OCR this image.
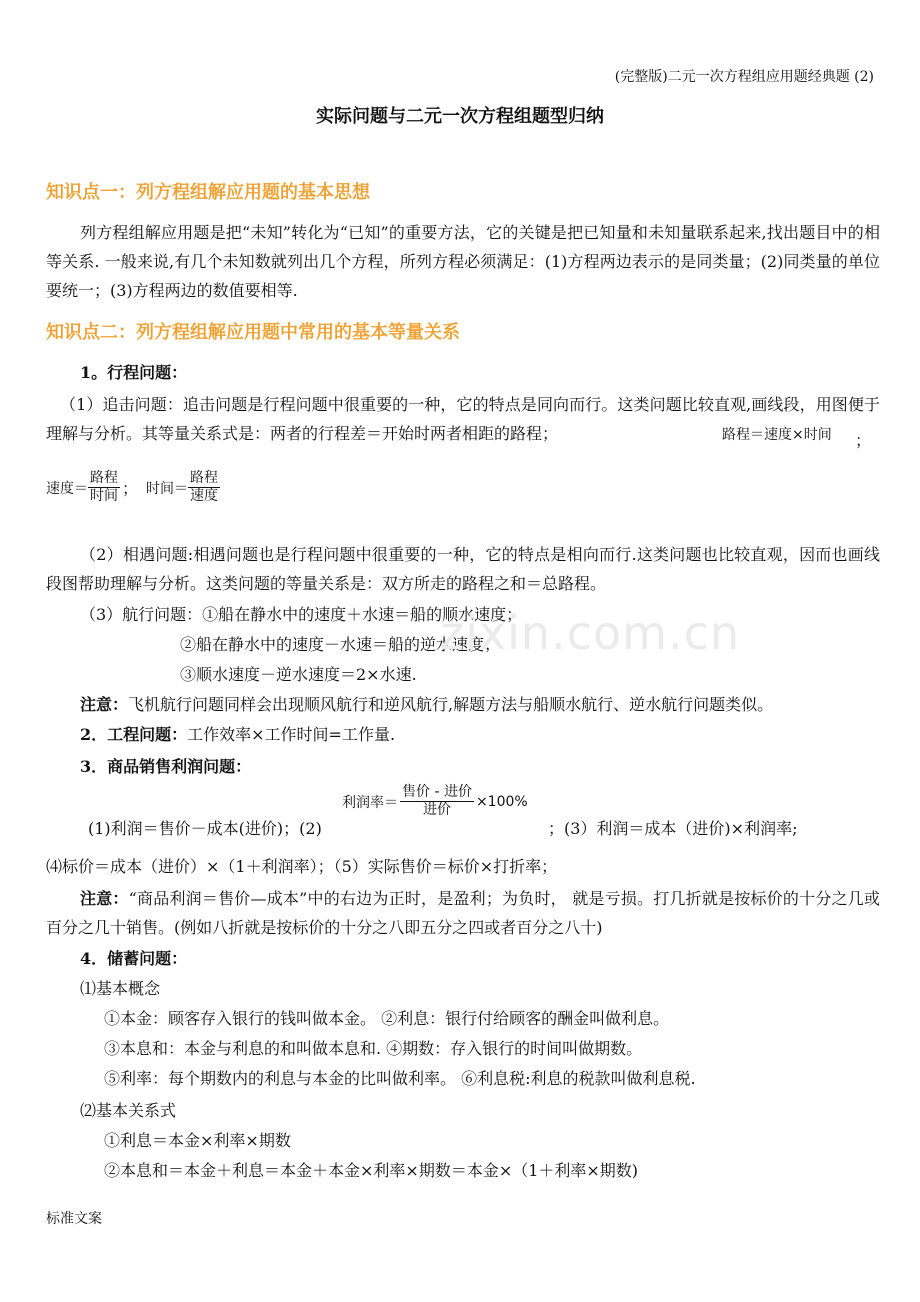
(完整版)二元一次方程组应用题经典题 (2)
实际问题与二元一次方程组题型归纳
知识点一：列方程组解应用题的基本思想
列方程组解应用题是把“未知”转化为“已知”的重要方法，它的关键是把已知量和未知量联系起来,找出题目中的相等关系. 一般来说,有几个未知数就列出几个方程，所列方程必须满足：(1)方程两边表示的是同类量；(2)同类量的单位要统一；(3)方程两边的数值要相等.
知识点二：列方程组解应用题中常用的基本等量关系
1。行程问题：
（1）追击问题：追击问题是行程问题中很重要的一种，它的特点是同向而行。这类问题比较直观,画线段，用图便于理解与分析。其等量关系式是：两者的行程差＝开始时两者相距的路程；	路程＝速度×时间 ；
速度＝ $\frac{\text{路程}}{\text{时间}}$ ； 时间＝ $\frac{\text{路程}}{\text{速度}}$
（2）相遇问题:相遇问题也是行程问题中很重要的一种，它的特点是相向而行.这类问题也比较直观，因而也画线段图帮助理解与分析。这类问题的等量关系是：双方所走的路程之和＝总路程。
（3）航行问题：①船在静水中的速度＋水速＝船的顺水速度；
②船在静水中的速度－水速＝船的逆水速度；
③顺水速度－逆水速度＝2×水速.
注意：飞机航行问题同样会出现顺风航行和逆风航行,解题方法与船顺水航行、逆水航行问题类似。
2．工程问题：工作效率×工作时间=工作量.
3．商品销售利润问题：
利润率＝ $\frac{\text{售价 - 进价}}{\text{进价}} \times 100\%$
(1)利润＝售价－成本(进价)；(2)	；(3）利润＝成本（进价)×利润率;
⑷标价＝成本（进价）×（1＋利润率）；（5）实际售价＝标价×打折率；
注意：“商品利润＝售价—成本”中的右边为正时，是盈利；为负时， 就是亏损。打几折就是按标价的十分之几或百分之几十销售。(例如八折就是按标价的十分之八即五分之四或者百分之八十)
4．储蓄问题：
⑴基本概念
①本金：顾客存入银行的钱叫做本金。 ②利息：银行付给顾客的酬金叫做利息。
③本息和：本金与利息的和叫做本息和. ④期数：存入银行的时间叫做期数。
⑤利率：每个期数内的利息与本金的比叫做利率。 ⑥利息税:利息的税款叫做利息税.
⑵基本关系式
①利息＝本金×利率×期数
②本息和＝本金＋利息＝本金＋本金×利率×期数＝本金×（1＋利率×期数)
zixin.com.cn
标准文案
